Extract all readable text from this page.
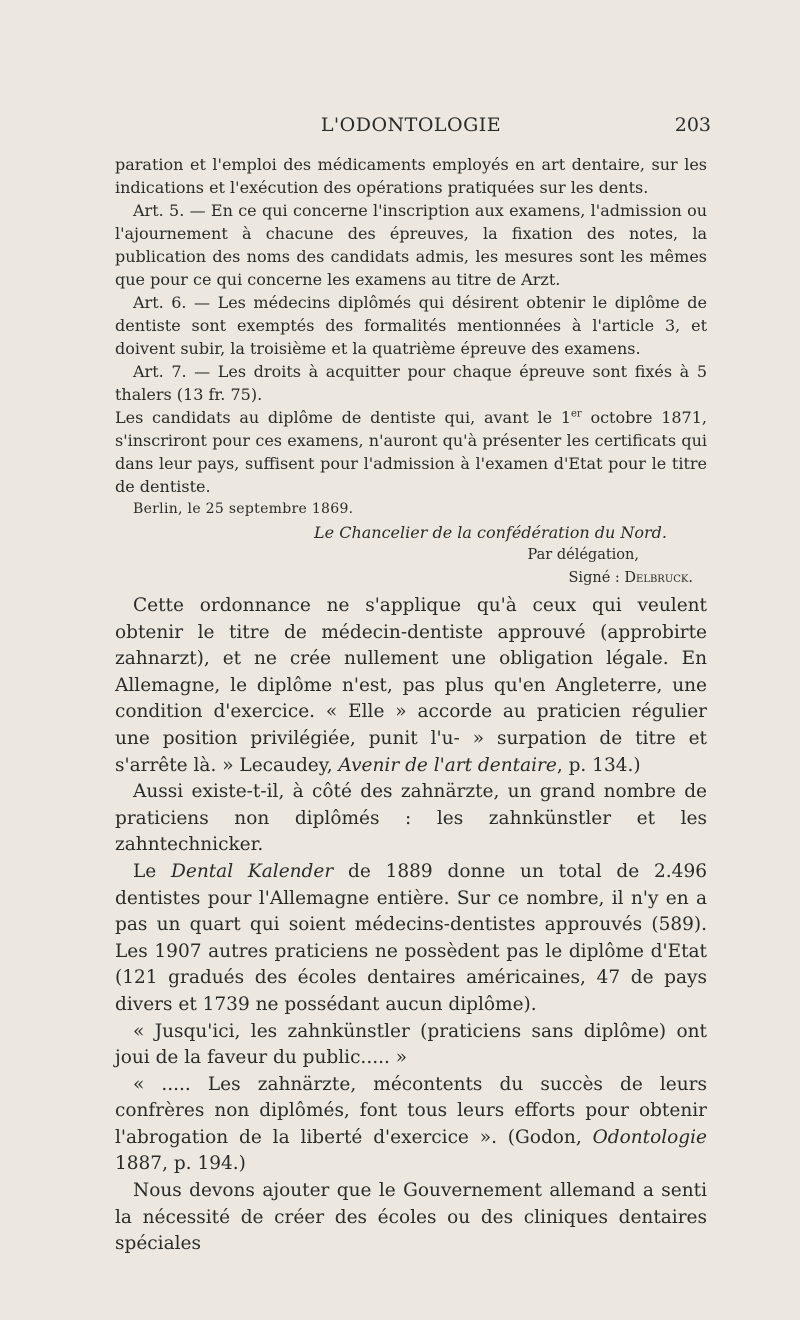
L'ODONTOLOGIE	203

paration et l'emploi des médicaments employés en art dentaire, sur les indications et l'exécution des opérations pratiquées sur les dents.

Art. 5. — En ce qui concerne l'inscription aux examens, l'admission ou l'ajournement à chacune des épreuves, la fixation des notes, la publication des noms des candidats admis, les mesures sont les mêmes que pour ce qui concerne les examens au titre de Arzt.

Art. 6. — Les médecins diplômés qui désirent obtenir le diplôme de dentiste sont exemptés des formalités mentionnées à l'article 3, et doivent subir, la troisième et la quatrième épreuve des examens.

Art. 7. — Les droits à acquitter pour chaque épreuve sont fixés à 5 thalers (13 fr. 75).

Les candidats au diplôme de dentiste qui, avant le 1er octobre 1871, s'inscriront pour ces examens, n'auront qu'à présenter les certificats qui dans leur pays, suffisent pour l'admission à l'examen d'Etat pour le titre de dentiste.

Berlin, le 25 septembre 1869.

Le Chancelier de la confédération du Nord.

Par délégation,

Signé : Delbruck.

Cette ordonnance ne s'applique qu'à ceux qui veulent obtenir le titre de médecin-dentiste approuvé (approbirte zahnarzt), et ne crée nullement une obligation légale. En Allemagne, le diplôme n'est, pas plus qu'en Angleterre, une condition d'exercice. « Elle » accorde au praticien régulier une position privilégiée, punit l'u- » surpation de titre et s'arrête là. » Lecaudey, Avenir de l'art dentaire, p. 134.)

Aussi existe-t-il, à côté des zahnärzte, un grand nombre de praticiens non diplômés : les zahnkünstler et les zahntechnicker.

Le Dental Kalender de 1889 donne un total de 2.496 dentistes pour l'Allemagne entière. Sur ce nombre, il n'y en a pas un quart qui soient médecins-dentistes approuvés (589). Les 1907 autres praticiens ne possèdent pas le diplôme d'Etat (121 gradués des écoles dentaires américaines, 47 de pays divers et 1739 ne possédant aucun diplôme).

« Jusqu'ici, les zahnkünstler (praticiens sans diplôme) ont joui de la faveur du public..... »

« ..... Les zahnärzte, mécontents du succès de leurs confrères non diplômés, font tous leurs efforts pour obtenir l'abrogation de la liberté d'exercice ». (Godon, Odontologie 1887, p. 194.)

Nous devons ajouter que le Gouvernement allemand a senti la nécessité de créer des écoles ou des cliniques dentaires spéciales
